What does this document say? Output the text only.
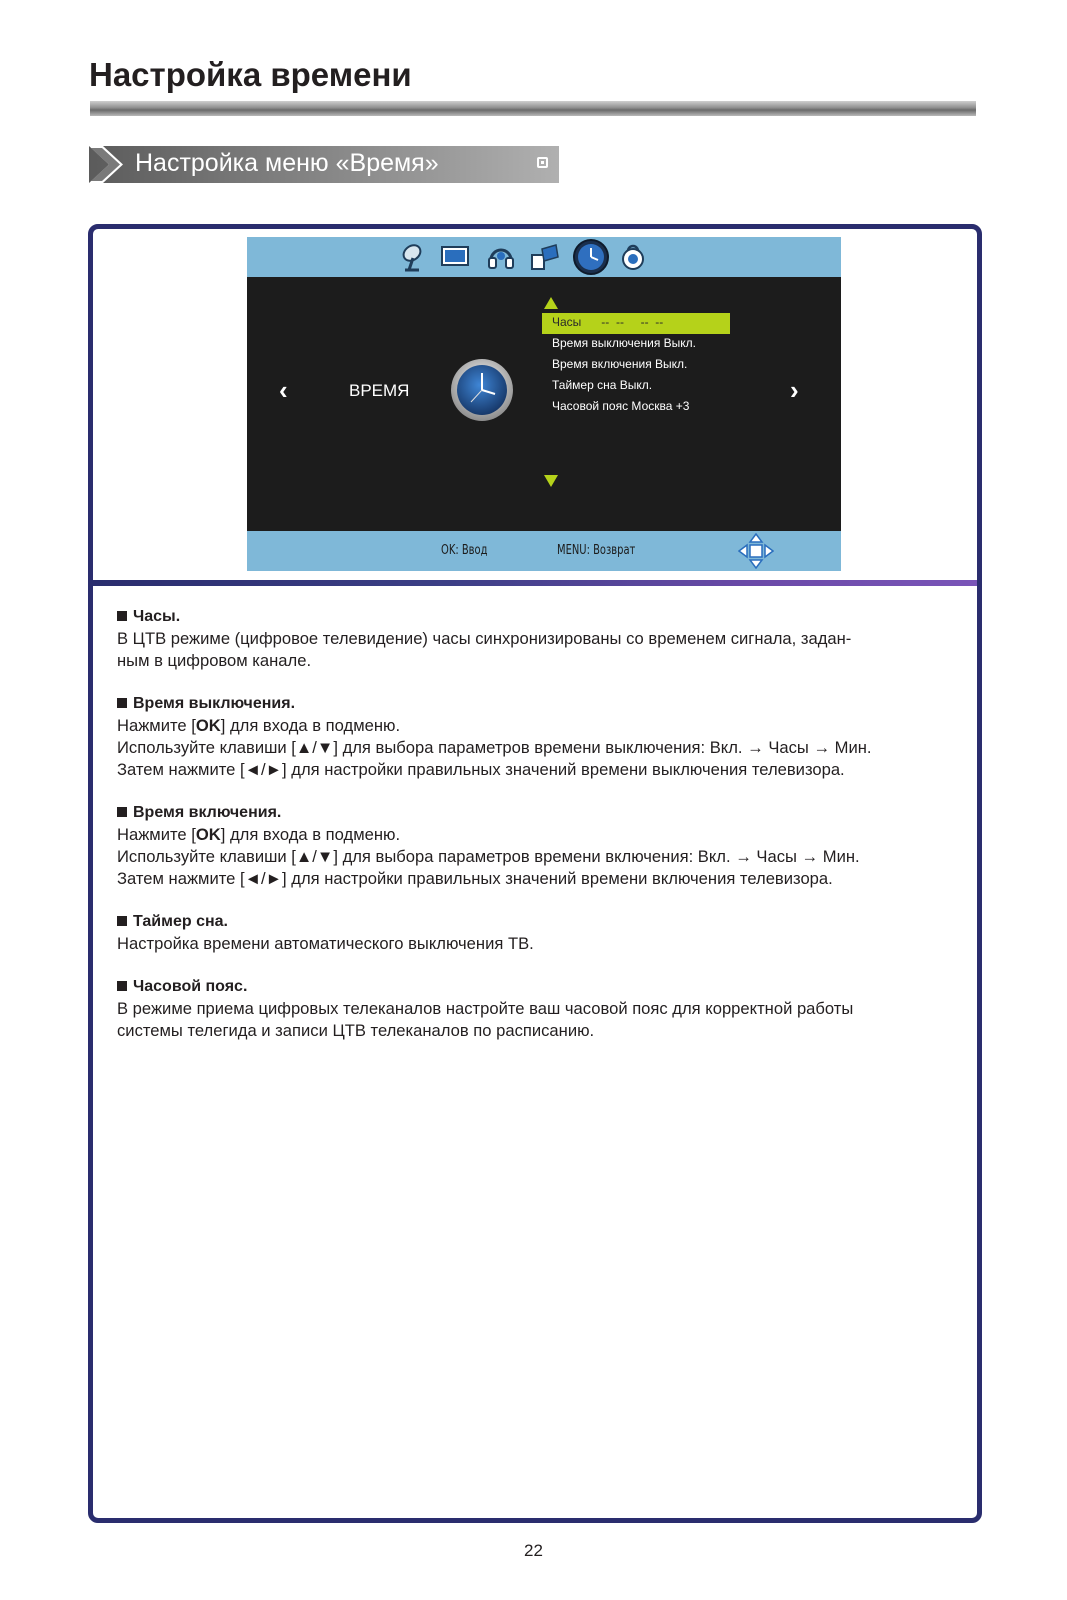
Настройка времени
Настройка меню «Время»
‹	›
ВРЕМЯ
Часы      --  --     --  --
Время выключения Выкл.
Время включения Выкл.
Таймер сна Выкл.
Часовой пояс Москва +3
OK: Ввод	MENU: Возврат
Часы.
В ЦТВ режиме (цифровое телевидение) часы синхронизированы со временем сигнала, задан-
ным в цифровом канале.
Время выключения.
Нажмите [OK] для входа в подменю.
Используйте клавиши [▲/▼] для выбора параметров времени выключения: Вкл. → Часы → Мин.
Затем нажмите [◄/►] для настройки правильных значений времени выключения телевизора.
Время включения.
Нажмите [OK] для входа в подменю.
Используйте клавиши [▲/▼] для выбора параметров времени включения: Вкл. → Часы → Мин.
Затем нажмите [◄/►] для настройки правильных значений времени включения телевизора.
Таймер сна.
Настройка времени автоматического выключения ТВ.
Часовой пояс.
В режиме приема цифровых телеканалов настройте ваш часовой пояс для корректной работы
системы телегида и записи ЦТВ телеканалов по расписанию.
22
